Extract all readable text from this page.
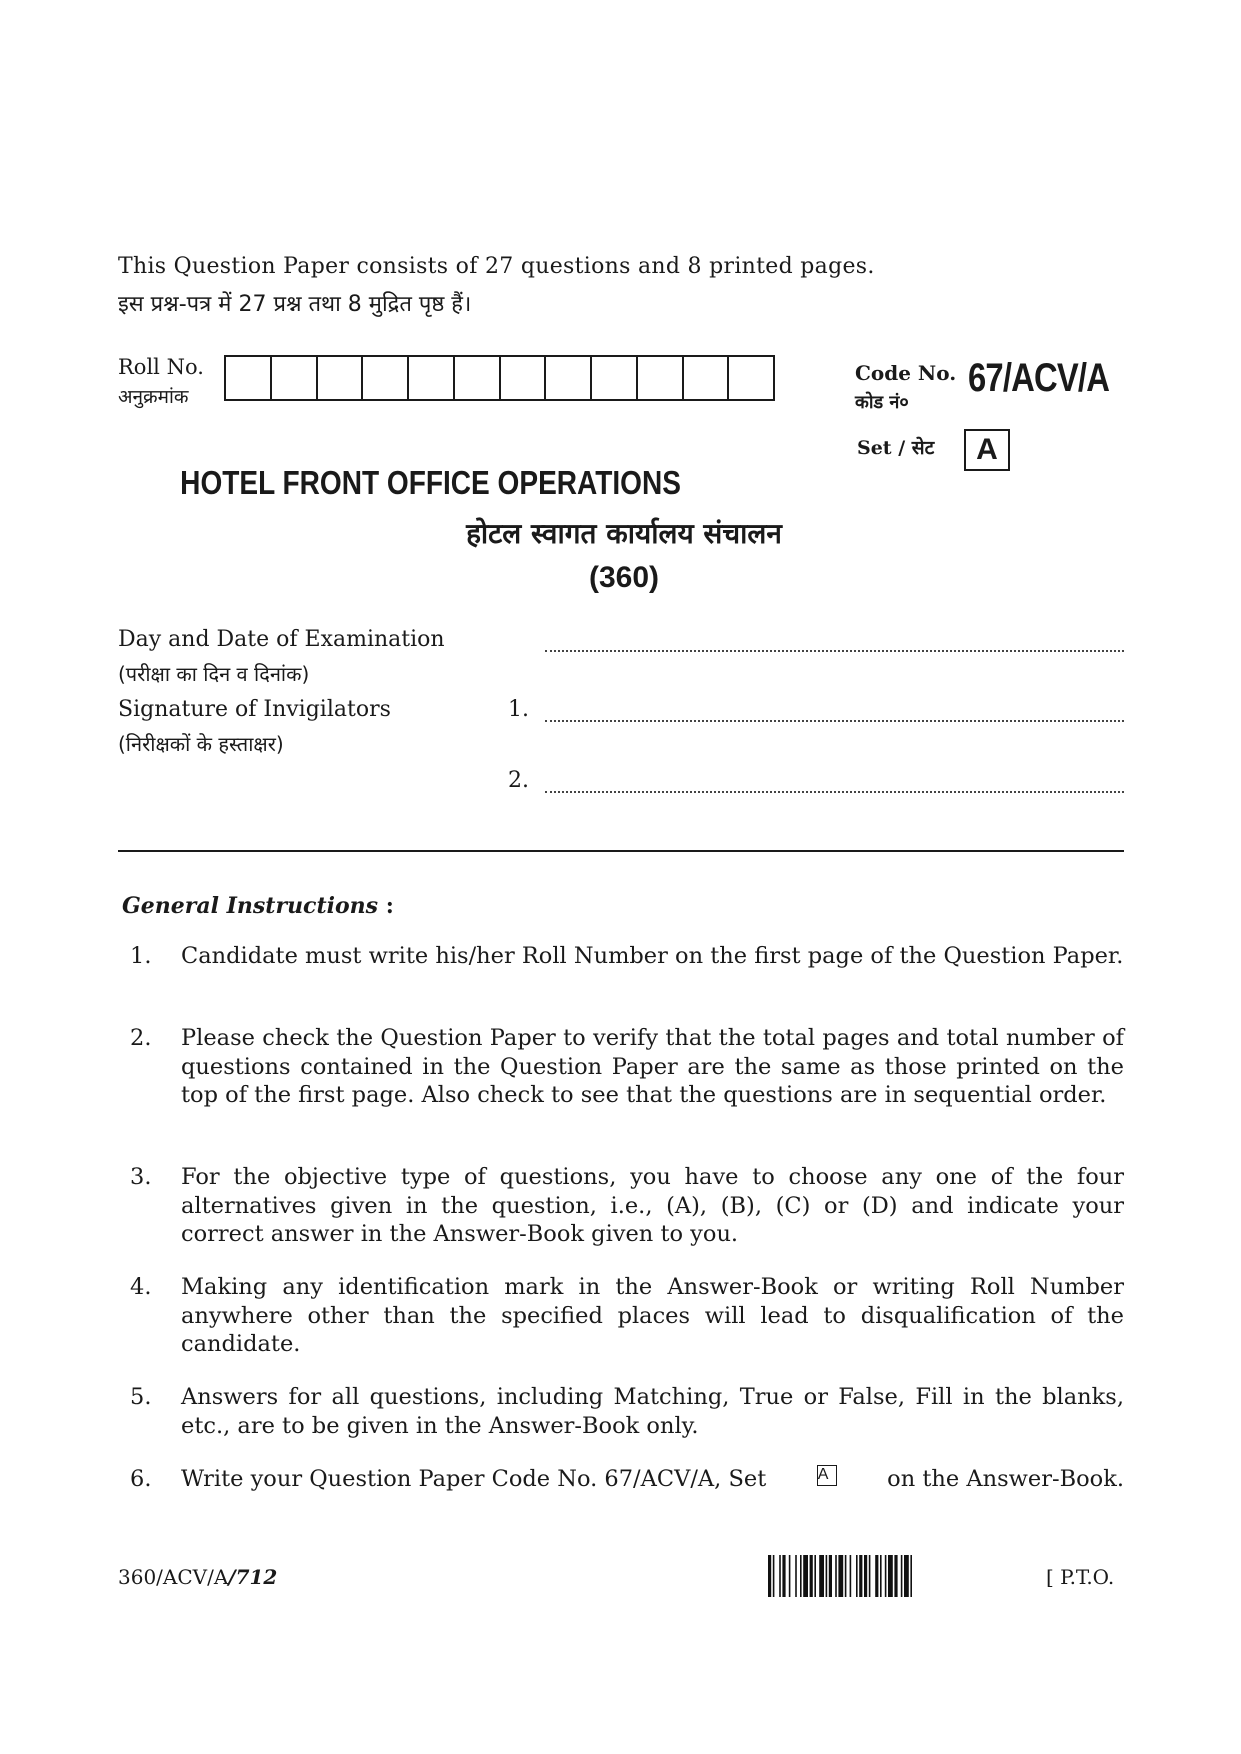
This Question Paper consists of 27 questions and 8 printed pages.
इस प्रश्न-पत्र में 27 प्रश्न तथा 8 मुद्रित पृष्ठ हैं।
Roll No.
अनुक्रमांक
Code No.
कोड नं०
67/ACV/A
Set / सेट	A
HOTEL FRONT OFFICE OPERATIONS
होटल स्वागत कार्यालय संचालन
(360)
Day and Date of Examination
(परीक्षा का दिन व दिनांक)
Signature of Invigilators
(निरीक्षकों के हस्ताक्षर)
1.
2.
General Instructions :
1. Candidate must write his/her Roll Number on the first page of the Question Paper.
2. Please check the Question Paper to verify that the total pages and total number of questions contained in the Question Paper are the same as those printed on the top of the first page. Also check to see that the questions are in sequential order.
3. For the objective type of questions, you have to choose any one of the four alternatives given in the question, i.e., (A), (B), (C) or (D) and indicate your correct answer in the Answer-Book given to you.
4. Making any identification mark in the Answer-Book or writing Roll Number anywhere other than the specified places will lead to disqualification of the candidate.
5. Answers for all questions, including Matching, True or False, Fill in the blanks, etc., are to be given in the Answer-Book only.
6. Write your Question Paper Code No. 67/ACV/A, Set	A	on the Answer-Book.
360/ACV/A/712	[ P.T.O.
